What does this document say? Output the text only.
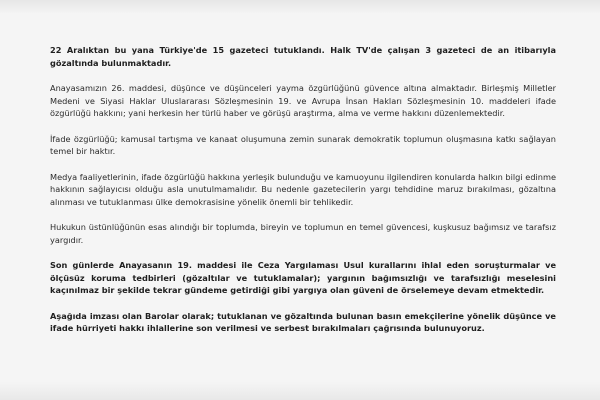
22 Aralıktan bu yana Türkiye'de 15 gazeteci tutuklandı. Halk TV'de çalışan 3 gazeteci de an itibarıyla gözaltında bulunmaktadır.

Anayasamızın 26. maddesi, düşünce ve düşünceleri yayma özgürlüğünü güvence altına almaktadır. Birleşmiş Milletler Medeni ve Siyasi Haklar Uluslararası Sözleşmesinin 19. ve Avrupa İnsan Hakları Sözleşmesinin 10. maddeleri ifade özgürlüğü hakkını; yani herkesin her türlü haber ve görüşü araştırma, alma ve verme hakkını düzenlemektedir.

İfade özgürlüğü; kamusal tartışma ve kanaat oluşumuna zemin sunarak demokratik toplumun oluşmasına katkı sağlayan temel bir haktır.

Medya faaliyetlerinin, ifade özgürlüğü hakkına yerleşik bulunduğu ve kamuoyunu ilgilendiren konularda halkın bilgi edinme hakkının sağlayıcısı olduğu asla unutulmamalıdır. Bu nedenle gazetecilerin yargı tehdidine maruz bırakılması, gözaltına alınması ve tutuklanması ülke demokrasisine yönelik önemli bir tehlikedir.

Hukukun üstünlüğünün esas alındığı bir toplumda, bireyin ve toplumun en temel güvencesi, kuşkusuz bağımsız ve tarafsız yargıdır.

Son günlerde Anayasanın 19. maddesi ile Ceza Yargılaması Usul kurallarını ihlal eden soruşturmalar ve ölçüsüz koruma tedbirleri (gözaltılar ve tutuklamalar); yargının bağımsızlığı ve tarafsızlığı meselesini kaçınılmaz bir şekilde tekrar gündeme getirdiği gibi yargıya olan güveni de örselemeye devam etmektedir.

Aşağıda imzası olan Barolar olarak; tutuklanan ve gözaltında bulunan basın emekçilerine yönelik düşünce ve ifade hürriyeti hakkı ihlallerine son verilmesi ve serbest bırakılmaları çağrısında bulunuyoruz.
